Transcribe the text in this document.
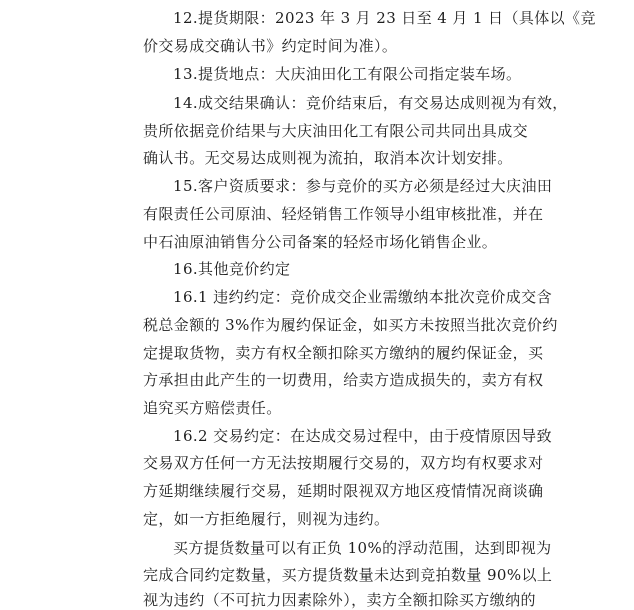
12.提货期限：2023 年 3 月 23 日至 4 月 1 日（具体以《竞
价交易成交确认书》约定时间为准）。
13.提货地点：大庆油田化工有限公司指定装车场。
14.成交结果确认：竞价结束后，有交易达成则视为有效，
贵所依据竞价结果与大庆油田化工有限公司共同出具成交
确认书。无交易达成则视为流拍，取消本次计划安排。
15.客户资质要求：参与竞价的买方必须是经过大庆油田
有限责任公司原油、轻烃销售工作领导小组审核批准，并在
中石油原油销售分公司备案的轻烃市场化销售企业。
16.其他竞价约定
16.1 违约约定：竞价成交企业需缴纳本批次竞价成交含
税总金额的 3%作为履约保证金，如买方未按照当批次竞价约
定提取货物，卖方有权全额扣除买方缴纳的履约保证金，买
方承担由此产生的一切费用，给卖方造成损失的，卖方有权
追究买方赔偿责任。
16.2 交易约定：在达成交易过程中，由于疫情原因导致
交易双方任何一方无法按期履行交易的，双方均有权要求对
方延期继续履行交易，延期时限视双方地区疫情情况商谈确
定，如一方拒绝履行，则视为违约。
买方提货数量可以有正负 10%的浮动范围，达到即视为
完成合同约定数量，买方提货数量未达到竞拍数量 90%以上
视为违约（不可抗力因素除外），卖方全额扣除买方缴纳的
